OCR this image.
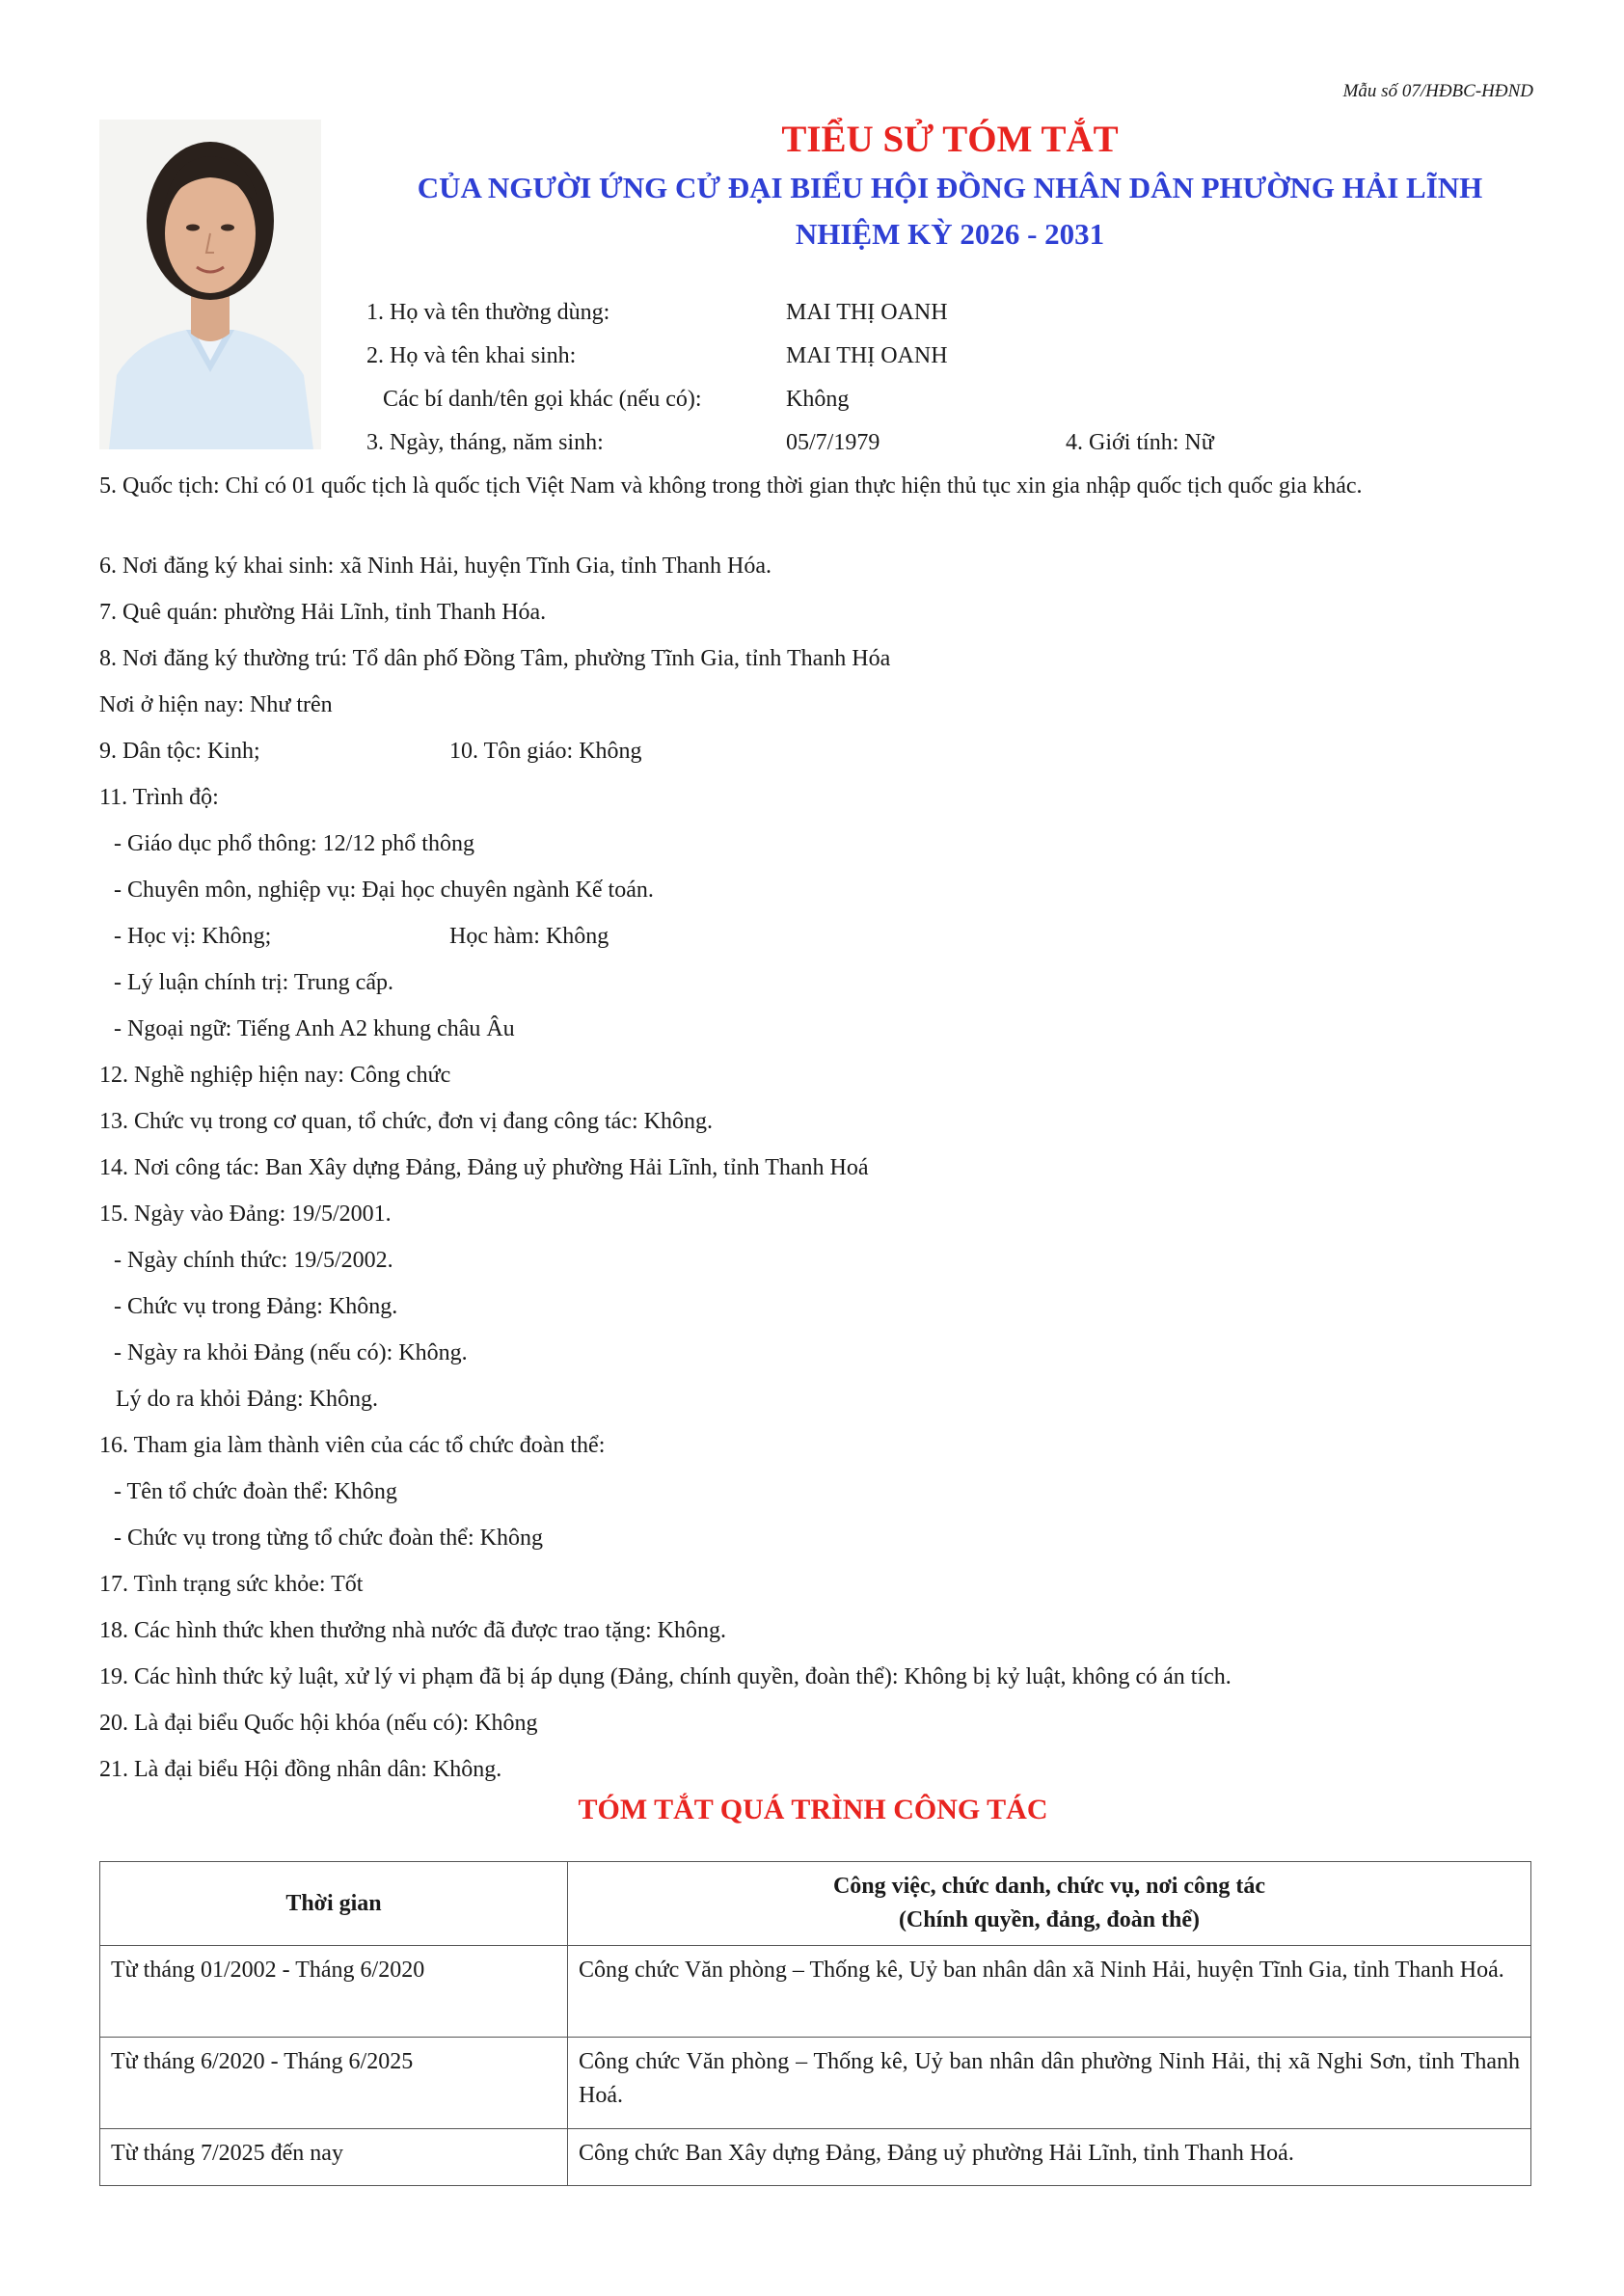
Mẫu số 07/HĐBC-HĐND
TIỂU SỬ TÓM TẮT
CỦA NGƯỜI ỨNG CỬ ĐẠI BIỂU HỘI ĐỒNG NHÂN DÂN PHƯỜNG HẢI LĨNH
NHIỆM KỲ 2026 - 2031
1. Họ và tên thường dùng:	MAI THỊ OANH
2. Họ và tên khai sinh:	MAI THỊ OANH
Các bí danh/tên gọi khác (nếu có):	Không
3. Ngày, tháng, năm sinh:	05/7/1979	4. Giới tính: Nữ
5. Quốc tịch: Chỉ có 01 quốc tịch là quốc tịch Việt Nam và không trong thời gian thực hiện thủ tục xin gia nhập quốc tịch quốc gia khác.
6. Nơi đăng ký khai sinh: xã Ninh Hải, huyện Tĩnh Gia, tỉnh Thanh Hóa.
7. Quê quán: phường Hải Lĩnh, tỉnh Thanh Hóa.
8. Nơi đăng ký thường trú: Tổ dân phố Đồng Tâm, phường Tĩnh Gia, tỉnh Thanh Hóa
Nơi ở hiện nay: Như trên
9. Dân tộc: Kinh;	10. Tôn giáo: Không
11. Trình độ:
- Giáo dục phổ thông: 12/12 phổ thông
- Chuyên môn, nghiệp vụ: Đại học chuyên ngành Kế toán.
- Học vị: Không;	Học hàm: Không
- Lý luận chính trị: Trung cấp.
- Ngoại ngữ: Tiếng Anh A2 khung châu Âu
12. Nghề nghiệp hiện nay: Công chức
13. Chức vụ trong cơ quan, tổ chức, đơn vị đang công tác: Không.
14. Nơi công tác: Ban Xây dựng Đảng, Đảng uỷ phường Hải Lĩnh, tỉnh Thanh Hoá
15. Ngày vào Đảng: 19/5/2001.
- Ngày chính thức: 19/5/2002.
- Chức vụ trong Đảng: Không.
- Ngày ra khỏi Đảng (nếu có): Không.
Lý do ra khỏi Đảng: Không.
16. Tham gia làm thành viên của các tổ chức đoàn thể:
- Tên tổ chức đoàn thể: Không
- Chức vụ trong từng tổ chức đoàn thể: Không
17. Tình trạng sức khỏe: Tốt
18. Các hình thức khen thưởng nhà nước đã được trao tặng: Không.
19. Các hình thức kỷ luật, xử lý vi phạm đã bị áp dụng (Đảng, chính quyền, đoàn thể): Không bị kỷ luật, không có án tích.
20. Là đại biểu Quốc hội khóa (nếu có): Không
21. Là đại biểu Hội đồng nhân dân: Không.
TÓM TẮT QUÁ TRÌNH CÔNG TÁC
Thời gian	Công việc, chức danh, chức vụ, nơi công tác
(Chính quyền, đảng, đoàn thể)

Từ tháng 01/2002 - Tháng 6/2020	Công chức Văn phòng – Thống kê, Uỷ ban nhân dân xã Ninh Hải, huyện Tĩnh Gia, tỉnh Thanh Hoá.
Từ tháng 6/2020 - Tháng 6/2025	Công chức Văn phòng – Thống kê, Uỷ ban nhân dân phường Ninh Hải, thị xã Nghi Sơn, tỉnh Thanh Hoá.
Từ tháng 7/2025 đến nay	Công chức Ban Xây dựng Đảng, Đảng uỷ phường Hải Lĩnh, tỉnh Thanh Hoá.
